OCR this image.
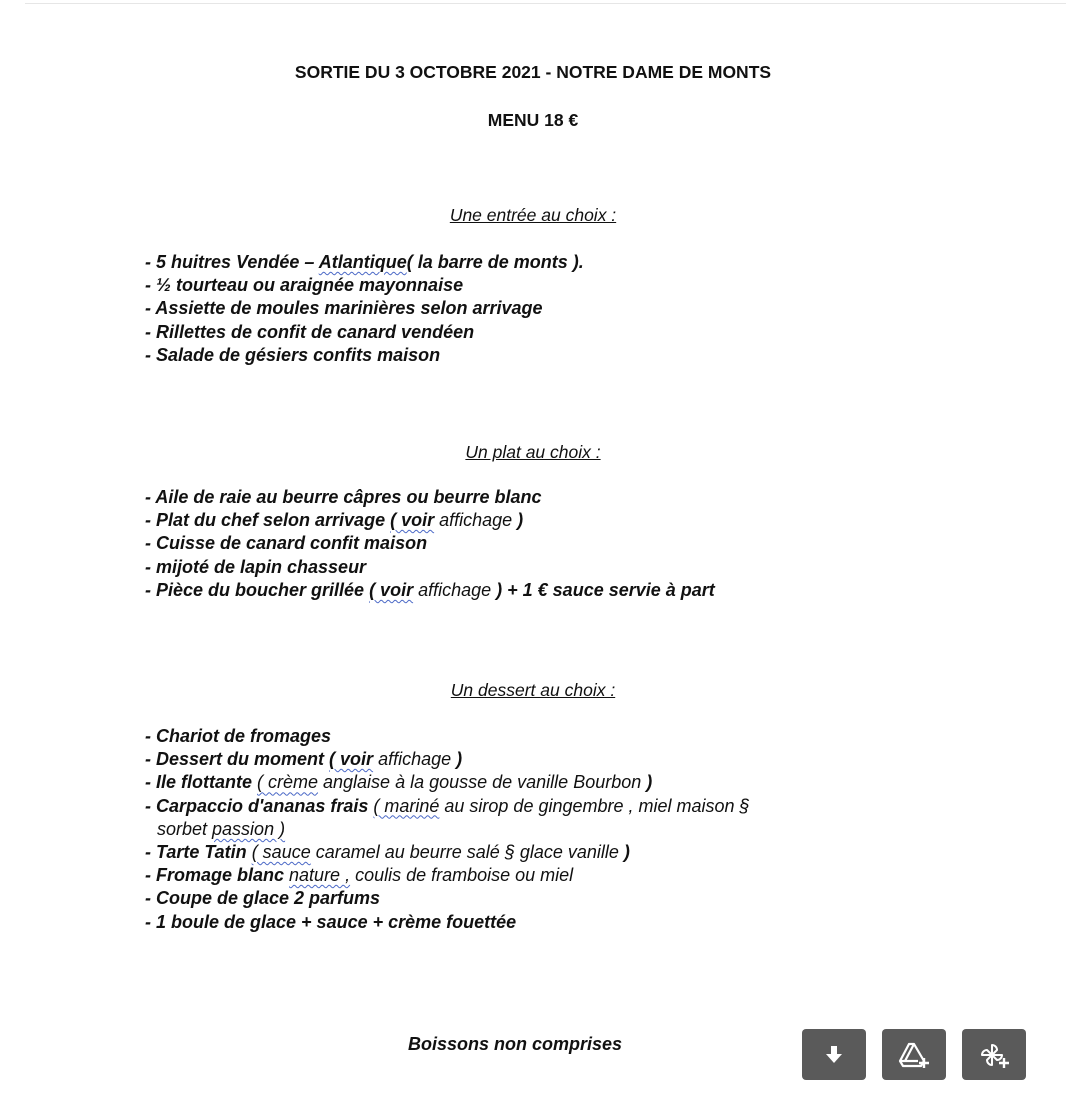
SORTIE DU 3 OCTOBRE 2021 - NOTRE DAME DE MONTS
MENU 18 €
Une entrée au choix :
- 5 huitres Vendée – Atlantique( la barre de monts ).
- ½ tourteau ou araignée mayonnaise
- Assiette de moules marinières selon arrivage
- Rillettes de confit de canard vendéen
- Salade de gésiers confits maison
Un plat au choix :
- Aile de raie au beurre câpres ou beurre blanc
- Plat du chef selon arrivage ( voir affichage )
- Cuisse de canard confit maison
- mijoté de lapin chasseur
- Pièce du boucher grillée ( voir affichage ) + 1 € sauce servie à part
Un dessert au choix :
- Chariot de fromages
- Dessert du moment ( voir affichage )
- Ile flottante ( crème anglaise à la gousse de vanille Bourbon )
- Carpaccio d'ananas frais ( mariné au sirop de gingembre , miel maison §
sorbet passion )
- Tarte Tatin ( sauce caramel au beurre salé § glace vanille )
- Fromage blanc nature , coulis de framboise ou miel
- Coupe de glace 2 parfums
- 1 boule de glace + sauce + crème fouettée
Boissons non comprises
